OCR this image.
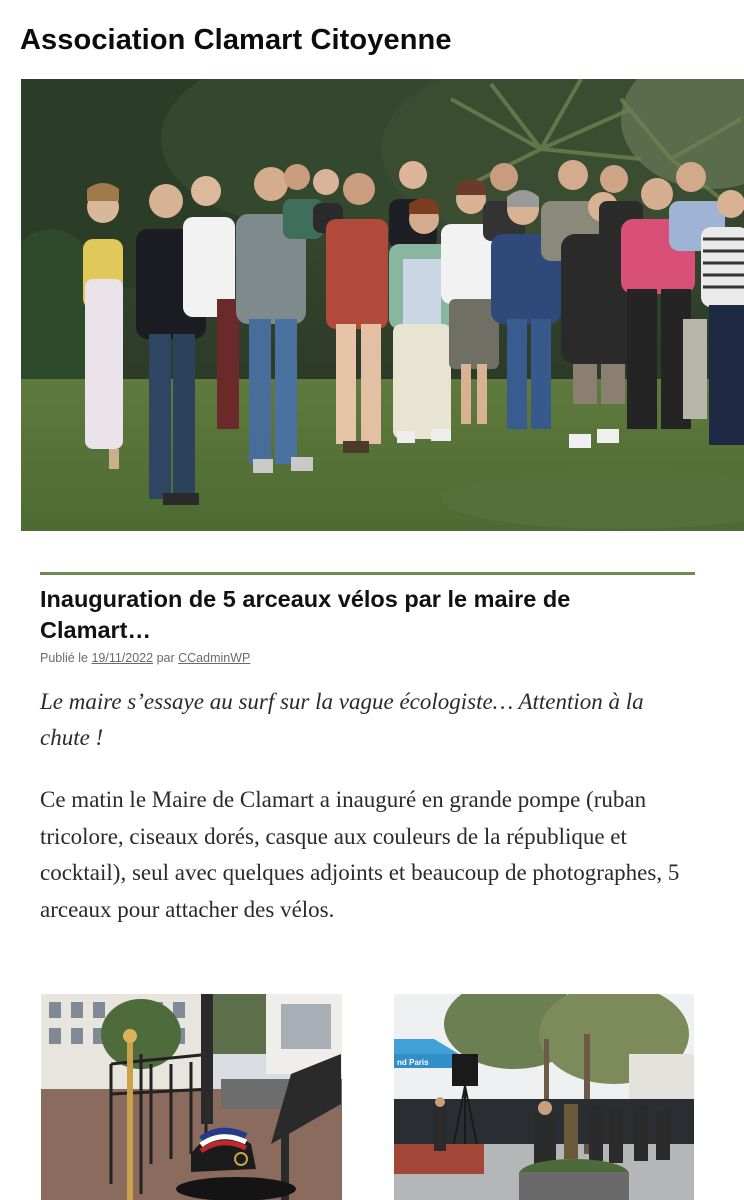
Association Clamart Citoyenne
Inauguration de 5 arceaux vélos par le maire de Clamart…
Publié le 19/11/2022 par CCadminWP
Le maire s’essaye au surf sur la vague écologiste… Attention à la chute !
Ce matin le Maire de Clamart a inauguré en grande pompe (ruban tricolore, ciseaux dorés, casque aux couleurs de la république et cocktail), seul avec quelques adjoints et beaucoup de photographes, 5 arceaux pour attacher des vélos.
nd Paris
